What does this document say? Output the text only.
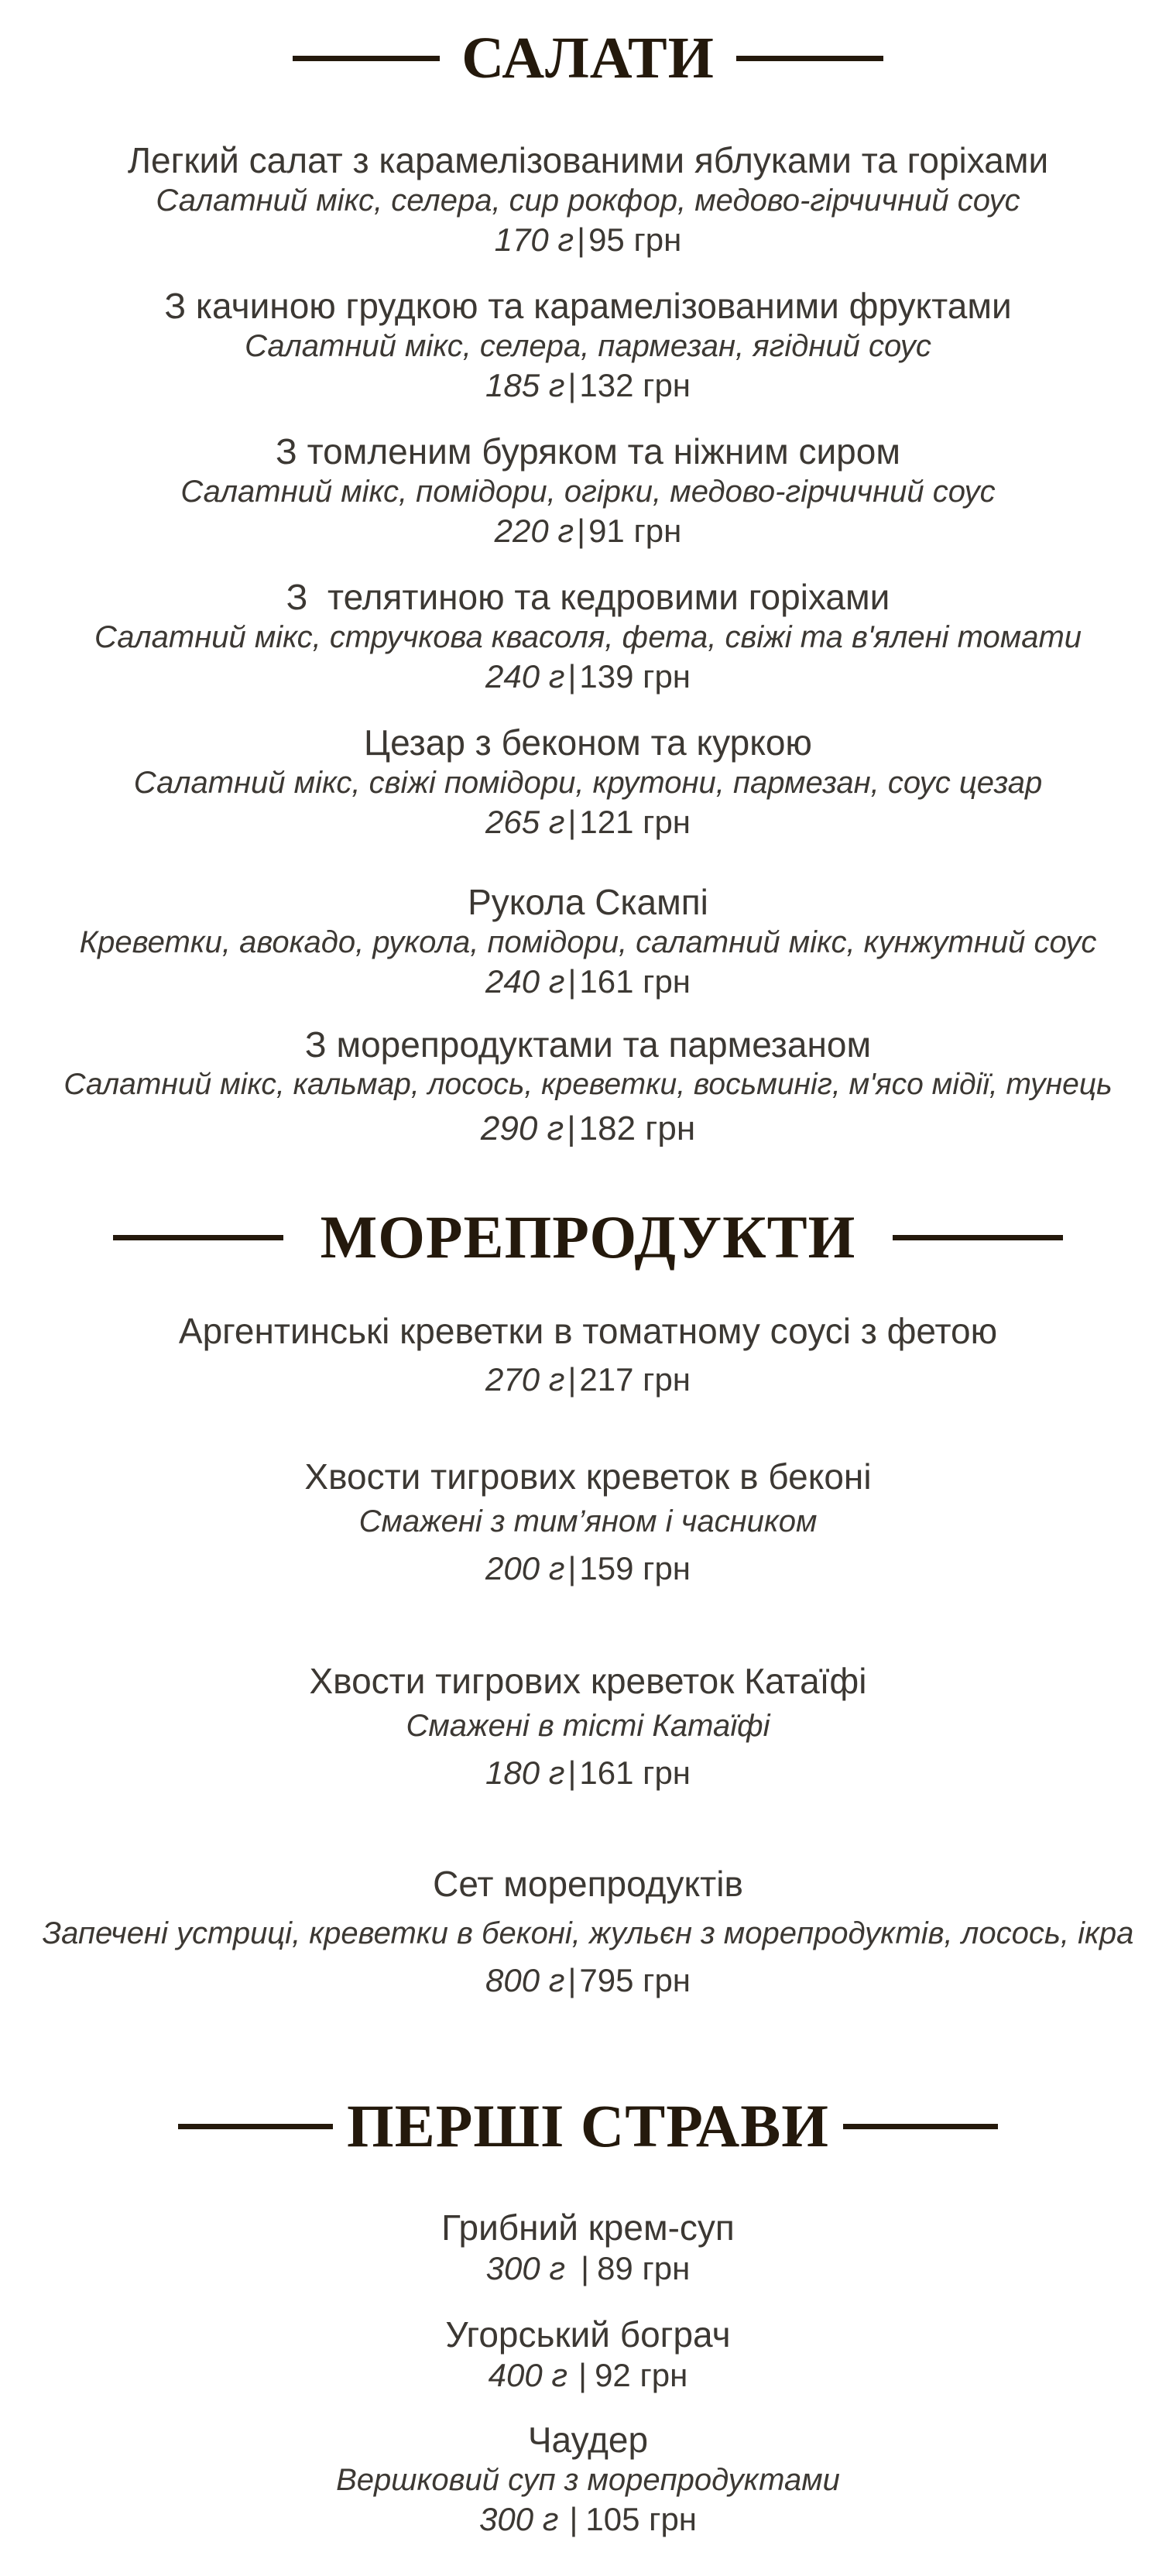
САЛАТИ
Легкий салат з карамелізованими яблуками та горіхами
Салатний мікс, селера, сир рокфор, медово-гірчичний соус
170 г|95 грн
З качиною грудкою та карамелізованими фруктами
Салатний мікс, селера, пармезан, ягідний соус
185 г|132 грн
З томленим буряком та ніжним сиром
Салатний мікс, помідори, огірки, медово-гірчичний соус
220 г|91 грн
З  телятиною та кедровими горіхами
Салатний мікс, стручкова квасоля, фета, свіжі та в'ялені томати
240 г|139 грн
Цезар з беконом та куркою
Салатний мікс, свіжі помідори, крутони, пармезан, соус цезар
265 г|121 грн
Рукола Скампі
Креветки, авокадо, рукола, помідори, салатний мікс, кунжутний соус
240 г|161 грн
З морепродуктами та пармезаном
Салатний мікс, кальмар, лосось, креветки, восьминіг, м'ясо мідії, тунець
290 г|182 грн
МОРЕПРОДУКТИ
Аргентинські креветки в томатному соусі з фетою
270 г|217 грн
Хвости тигрових креветок в беконі
Смажені з тим’яном і часником
200 г|159 грн
Хвости тигрових креветок Катаїфі
Смажені в тісті Катаїфі
180 г|161 грн
Сет морепродуктів
Запечені устриці, креветки в беконі, жульєн з морепродуктів, лосось, ікра
800 г|795 грн
ПЕРШІ СТРАВИ
Грибний крем-суп
300 г | 89 грн
Угорський бограч
400 г | 92 грн
Чаудер
Вершковий суп з морепродуктами
300 г | 105 грн
